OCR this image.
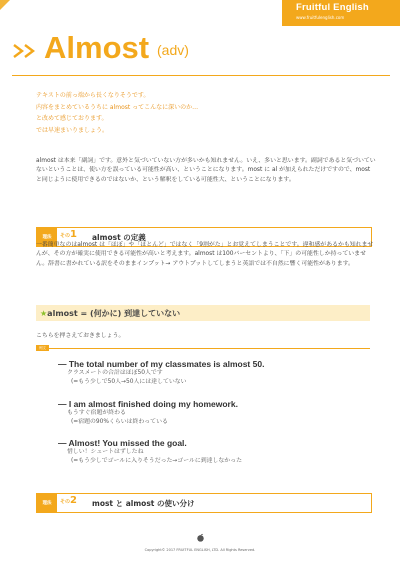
Fruitful English
www.fruitfulenglish.com
Almost (adv)
テキストの前っ端から長くなりそうです。
内容をまとめているうちに almost ってこんなに深いのか…
と改めて感じております。
では早速まいりましょう。
almost は本来「副詞」です。意外と気づいていない方が多いかも知れません。いえ、多いと思います。副詞であると気づいていないということは、使い方を誤っている可能性が高い、ということになります。most に al が加えられただけですので、most と同じように使用できるのではないか、という解釈をしている可能性大、ということになります。
理法	その1 almost の定義
一番簡単なのはalmost は「ほぼ」や「ほとんど」ではなく「9割がた」とお覚えてしまうことです。違和感があるかも知れませんが、その方が確実に使用できる可能性が高いと考えます。almost は100パーセントより、「下」の可能性しか持っていません。辞書に書かれている訳をそのままインプット→ アウトプットしてしまうと英語では不自然に響く可能性があります。
★almost = (何かに) 到達していない
こちらを押さえておきましょう。
例文
— The total number of my classmates is almost 50.
クラスメートの合計はほぼ50人です
(=もう少しで50人→50人には達していない
— I am almost finished doing my homework.
もうすぐ宿題が終わる
(=宿題の90%くらいは終わっている
— Almost! You missed the goal.
惜しい！シュートはずしたね
(=もう少しでゴールに入りそうだった→ゴールに到達しなかった
理法	その2 most と almost の使い分け
Copyright© 2017 FRUITFUL ENGLISH, LTD. All Rights Reserved.
